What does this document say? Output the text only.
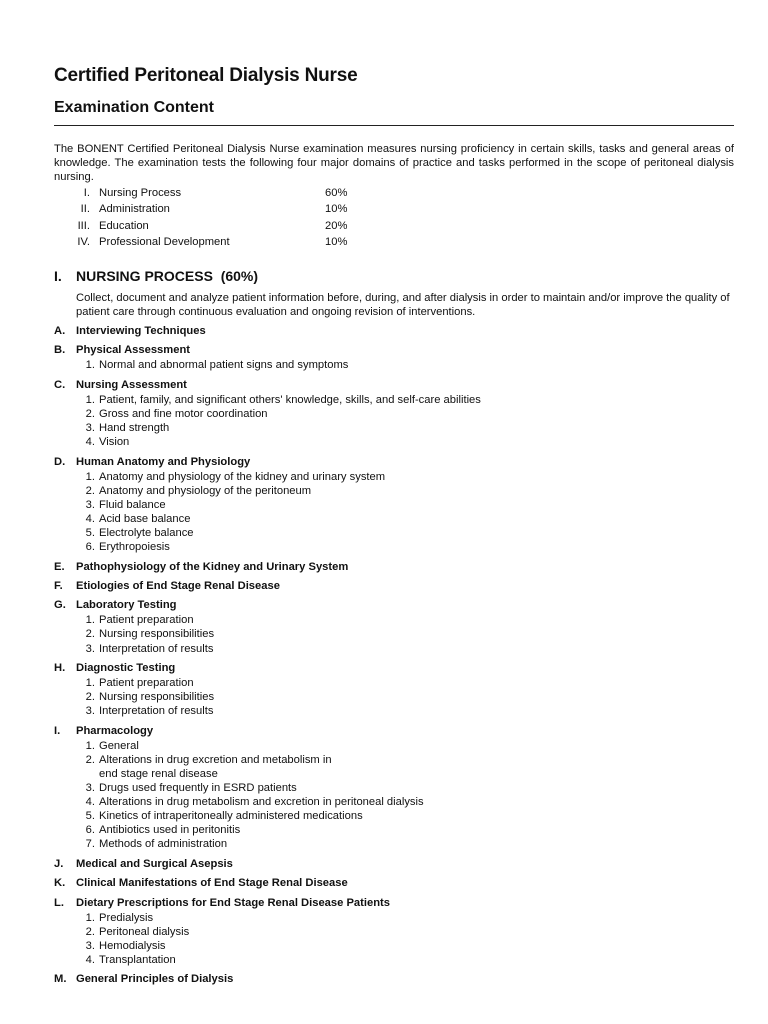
Certified Peritoneal Dialysis Nurse
Examination Content

The BONENT Certified Peritoneal Dialysis Nurse examination measures nursing proficiency in certain skills, tasks and general areas of knowledge. The examination tests the following four major domains of practice and tasks performed in the scope of peritoneal dialysis nursing.

I. Nursing Process	60%
II. Administration	10%
III. Education	20%
IV. Professional Development	10%
I.	NURSING PROCESS  (60%)

Collect, document and analyze patient information before, during, and after dialysis in order to maintain and/or improve the quality of patient care through continuous evaluation and ongoing revision of interventions.

A. Interviewing Techniques
B. Physical Assessment
1. Normal and abnormal patient signs and symptoms
C. Nursing Assessment
1. Patient, family, and significant others' knowledge, skills, and self-care abilities
2. Gross and fine motor coordination
3. Hand strength
4. Vision
D. Human Anatomy and Physiology
1. Anatomy and physiology of the kidney and urinary system
2. Anatomy and physiology of the peritoneum
3. Fluid balance
4. Acid base balance
5. Electrolyte balance
6. Erythropoiesis
E.	Pathophysiology of the Kidney and Urinary System
F.	Etiologies of End Stage Renal Disease
G. Laboratory Testing
1. Patient preparation
2. Nursing responsibilities
3. Interpretation of results
H. Diagnostic Testing
1. Patient preparation
2. Nursing responsibilities
3. Interpretation of results
I.	Pharmacology
1. General
2. Alterations in drug excretion and metabolism in
end stage renal disease
3. Drugs used frequently in ESRD patients
4. Alterations in drug metabolism and excretion in peritoneal dialysis
5. Kinetics of intraperitoneally administered medications
6. Antibiotics used in peritonitis
7. Methods of administration
J.	Medical and Surgical Asepsis
K. Clinical Manifestations of End Stage Renal Disease
L.	Dietary Prescriptions for End Stage Renal Disease Patients
1. Predialysis
2. Peritoneal dialysis
3. Hemodialysis
4. Transplantation
M. General Principles of Dialysis
